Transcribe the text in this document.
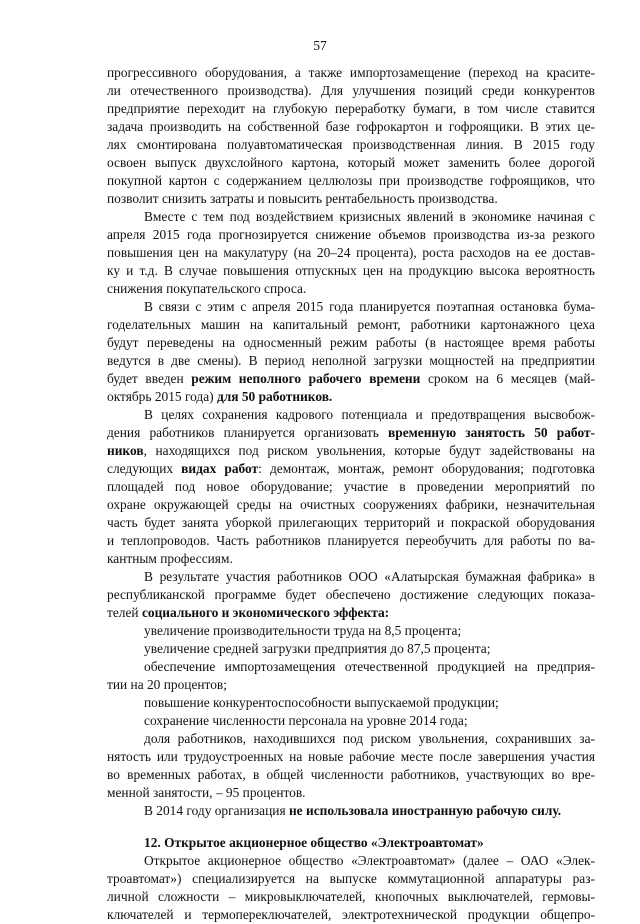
57
прогрессивного оборудования, а также импортозамещение (переход на красите-
ли отечественного производства). Для улучшения позиций среди конкурентов
предприятие переходит на глубокую переработку бумаги, в том числе ставится
задача производить на собственной базе гофрокартон и гофроящики. В этих це-
лях смонтирована полуавтоматическая производственная линия. В 2015 году
освоен выпуск двухслойного картона, который может заменить более дорогой
покупной картон с содержанием целлюлозы при производстве гофроящиков, что
позволит снизить затраты и повысить рентабельность производства.
Вместе с тем под воздействием кризисных явлений в экономике начиная с
апреля 2015 года прогнозируется снижение объемов производства из-за резкого
повышения цен на макулатуру (на 20–24 процента), роста расходов на ее достав-
ку и т.д. В случае повышения отпускных цен на продукцию высока вероятность
снижения покупательского спроса.
В связи с этим с апреля 2015 года планируется поэтапная остановка бума-
годелательных машин на капитальный ремонт, работники картонажного цеха
будут переведены на односменный режим работы (в настоящее время работы
ведутся в две смены). В период неполной загрузки мощностей на предприятии
будет введен режим неполного рабочего времени сроком на 6 месяцев (май-
октябрь 2015 года) для 50 работников.
В целях сохранения кадрового потенциала и предотвращения высвобож-
дения работников планируется организовать временную занятость 50 работ-
ников, находящихся под риском увольнения, которые будут задействованы на
следующих видах работ: демонтаж, монтаж, ремонт оборудования; подготовка
площадей под новое оборудование; участие в проведении мероприятий по
охране окружающей среды на очистных сооружениях фабрики, незначительная
часть будет занята уборкой прилегающих территорий и покраской оборудования
и теплопроводов. Часть работников планируется переобучить для работы по ва-
кантным профессиям.
В результате участия работников ООО «Алатырская бумажная фабрика» в
республиканской программе будет обеспечено достижение следующих показа-
телей социального и экономического эффекта:
увеличение производительности труда на 8,5 процента;
увеличение средней загрузки предприятия до 87,5 процента;
обеспечение импортозамещения отечественной продукцией на предприя-
тии на 20 процентов;
повышение конкурентоспособности выпускаемой продукции;
сохранение численности персонала на уровне 2014 года;
доля работников, находившихся под риском увольнения, сохранивших за-
нятость или трудоустроенных на новые рабочие месте после завершения участия
во временных работах, в общей численности работников, участвующих во вре-
менной занятости, – 95 процентов.
В 2014 году организация не использовала иностранную рабочую силу.
12. Открытое акционерное общество «Электроавтомат»
Открытое акционерное общество «Электроавтомат» (далее – ОАО «Элек-
троавтомат») специализируется на выпуске коммутационной аппаратуры раз-
личной сложности – микровыключателей, кнопочных выключателей, гермовы-
ключателей и термопереключателей, электротехнической продукции общепро-
